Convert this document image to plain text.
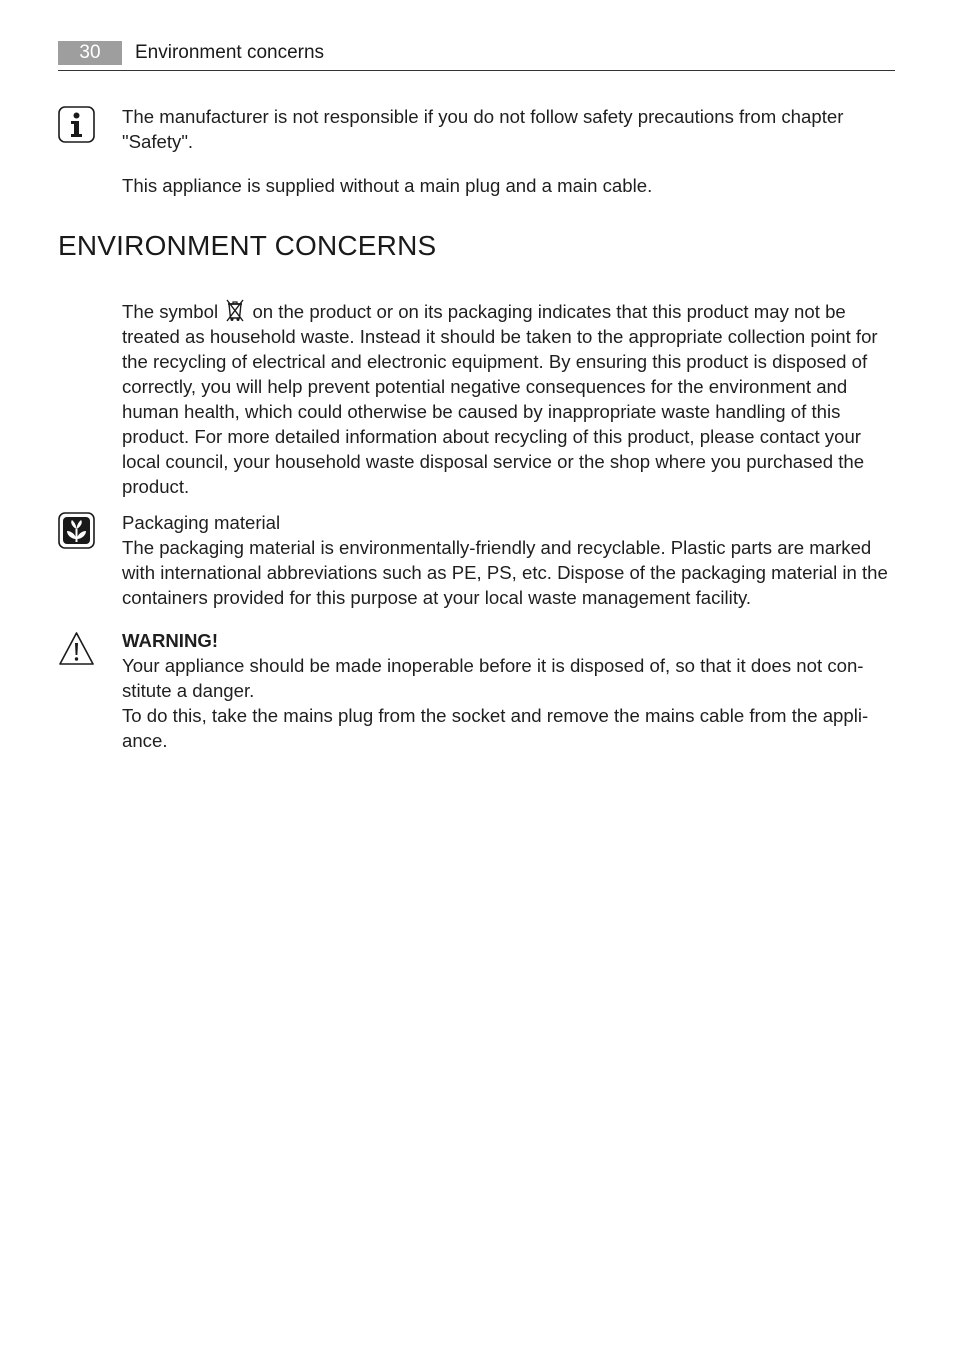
30	Environment concerns

The manufacturer is not responsible if you do not follow safety precautions from chapter "Safety".

This appliance is supplied without a main plug and a main cable.

ENVIRONMENT CONCERNS

The symbol on the product or on its packaging indicates that this product may not be treated as household waste. Instead it should be taken to the appropriate collection point for the recycling of electrical and electronic equipment. By ensuring this product is disposed of correctly, you will help prevent potential negative consequences for the environment and human health, which could otherwise be caused by inappropriate waste handling of this product. For more detailed information about recycling of this product, please contact your local council, your household waste disposal service or the shop where you purchased the product.

Packaging material

The packaging material is environmentally-friendly and recyclable. Plastic parts are marked with international abbreviations such as PE, PS, etc. Dispose of the packaging material in the containers provided for this purpose at your local waste management facility.

WARNING!

Your appliance should be made inoperable before it is disposed of, so that it does not con-

stitute a danger.

To do this, take the mains plug from the socket and remove the mains cable from the appli-

ance.
